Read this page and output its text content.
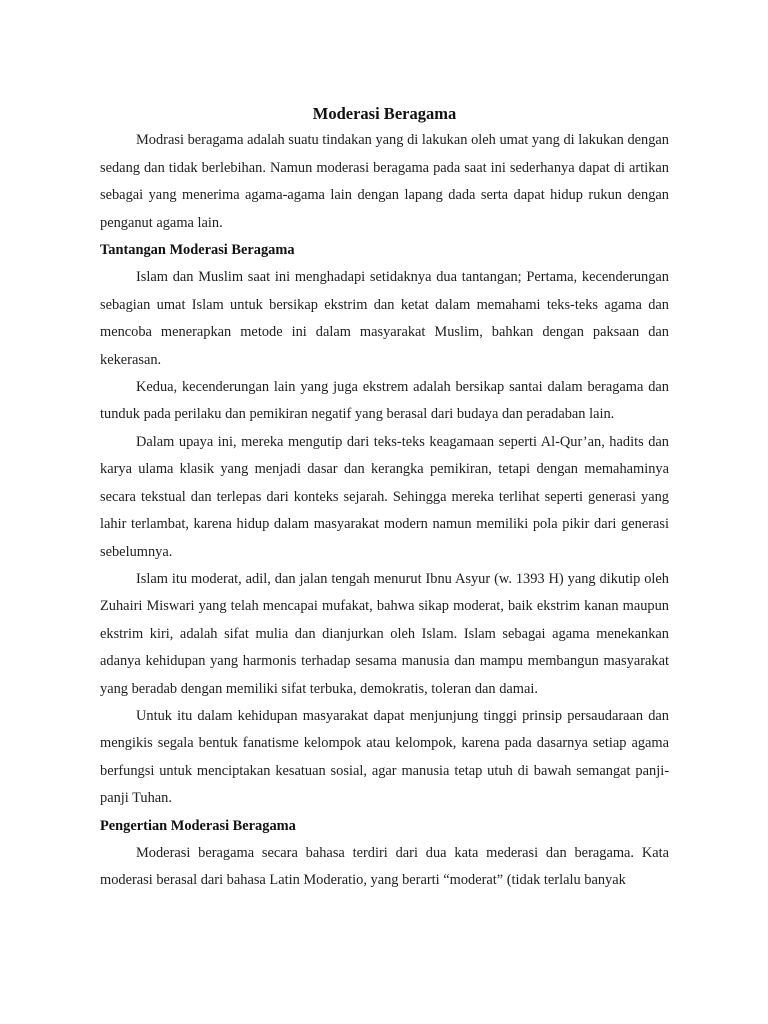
Moderasi Beragama

Modrasi beragama adalah suatu tindakan yang di lakukan oleh umat yang di lakukan dengan sedang dan tidak berlebihan. Namun moderasi beragama pada saat ini sederhanya dapat di artikan sebagai yang menerima agama-agama lain dengan lapang dada serta dapat hidup rukun dengan penganut agama lain.

Tantangan Moderasi Beragama

Islam dan Muslim saat ini menghadapi setidaknya dua tantangan; Pertama, kecenderungan sebagian umat Islam untuk bersikap ekstrim dan ketat dalam memahami teks-teks agama dan mencoba menerapkan metode ini dalam masyarakat Muslim, bahkan dengan paksaan dan kekerasan.

Kedua, kecenderungan lain yang juga ekstrem adalah bersikap santai dalam beragama dan tunduk pada perilaku dan pemikiran negatif yang berasal dari budaya dan peradaban lain.

Dalam upaya ini, mereka mengutip dari teks-teks keagamaan seperti Al-Qur’an, hadits dan karya ulama klasik yang menjadi dasar dan kerangka pemikiran, tetapi dengan memahaminya secara tekstual dan terlepas dari konteks sejarah. Sehingga mereka terlihat seperti generasi yang lahir terlambat, karena hidup dalam masyarakat modern namun memiliki pola pikir dari generasi sebelumnya.

Islam itu moderat, adil, dan jalan tengah menurut Ibnu Asyur (w. 1393 H) yang dikutip oleh Zuhairi Miswari yang telah mencapai mufakat, bahwa sikap moderat, baik ekstrim kanan maupun ekstrim kiri, adalah sifat mulia dan dianjurkan oleh Islam. Islam sebagai agama menekankan adanya kehidupan yang harmonis terhadap sesama manusia dan mampu membangun masyarakat yang beradab dengan memiliki sifat terbuka, demokratis, toleran dan damai.

Untuk itu dalam kehidupan masyarakat dapat menjunjung tinggi prinsip persaudaraan dan mengikis segala bentuk fanatisme kelompok atau kelompok, karena pada dasarnya setiap agama berfungsi untuk menciptakan kesatuan sosial, agar manusia tetap utuh di bawah semangat panji-panji Tuhan.

Pengertian Moderasi Beragama

Moderasi beragama secara bahasa terdiri dari dua kata mederasi dan beragama. Kata moderasi berasal dari bahasa Latin Moderatio, yang berarti “moderat” (tidak terlalu banyak
